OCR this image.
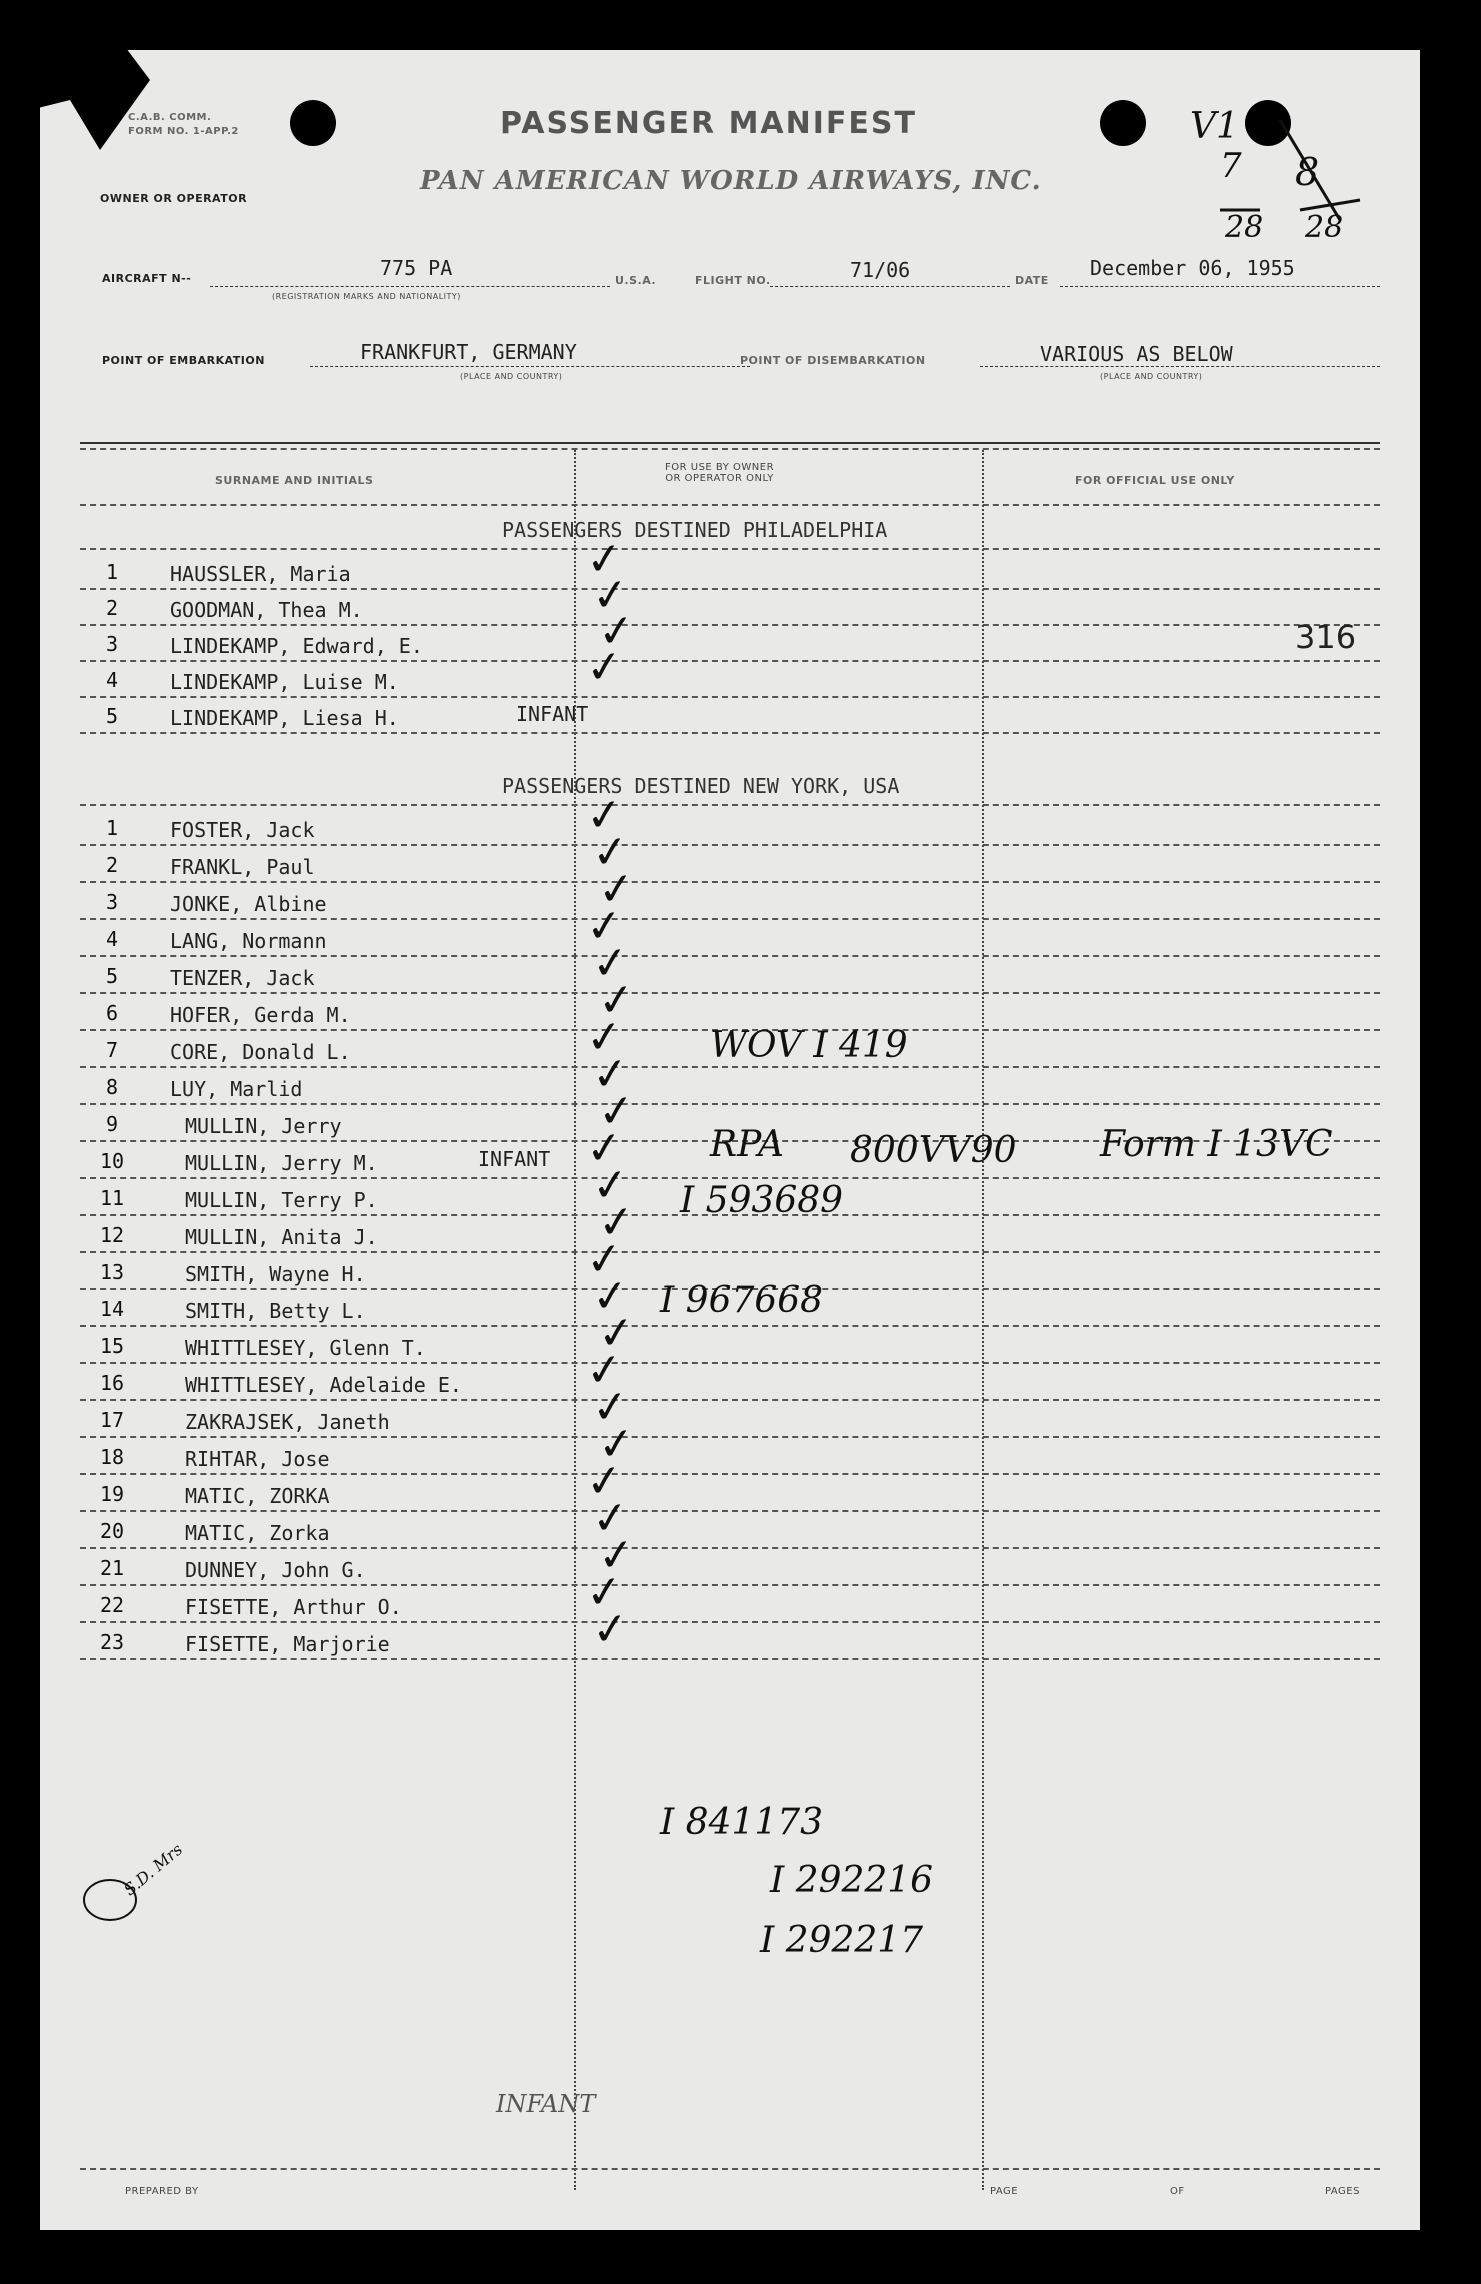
C.A.B. COMM.
FORM NO. 1-APP.2
OWNER OR OPERATOR
PASSENGER MANIFEST
PAN AMERICAN WORLD AIRWAYS, INC.
V1
7 8
28 28
AIRCRAFT N--	775 PA
(REGISTRATION MARKS AND NATIONALITY)
U.S.A.	FLIGHT NO.	71/06	DATE
December 06, 1955
POINT OF EMBARKATION	FRANKFURT, GERMANY
(PLACE AND COUNTRY)
POINT OF DISEMBARKATION	VARIOUS AS BELOW
(PLACE AND COUNTRY)
SURNAME AND INITIALS
FOR USE BY OWNER
OR OPERATOR ONLY	FOR OFFICIAL USE ONLY
PASSENGERS DESTINED PHILADELPHIA
1	HAUSSLER, Maria	✓
2	GOODMAN, Thea M.	✓
3	LINDEKAMP, Edward, E.	✓
4	LINDEKAMP, Luise M.	✓
5	LINDEKAMP, Liesa H.	INFANT
PASSENGERS DESTINED NEW YORK, USA
1	FOSTER, Jack	✓
2	FRANKL, Paul	✓
3	JONKE, Albine	✓
4	LANG, Normann	✓
5	TENZER, Jack	✓
6	HOFER, Gerda M.	✓
7	CORE, Donald L.	✓
8	LUY, Marlid	✓
9	MULLIN, Jerry	✓
10	MULLIN, Jerry M.	INFANT ✓
11	MULLIN, Terry P.	✓
12	MULLIN, Anita J.	✓
13	SMITH, Wayne H.	✓
14	SMITH, Betty L.	✓
15	WHITTLESEY, Glenn T.	✓
16	WHITTLESEY, Adelaide E.	✓
17	ZAKRAJSEK, Janeth	✓
18	RIHTAR, Jose	✓
19	MATIC, ZORKA	✓
20	MATIC, Zorka	✓
21	DUNNEY, John G.	✓
22	FISETTE, Arthur O.	✓
23	FISETTE, Marjorie	✓
316
WOV I 419
RPA 800VV90 Form I 13VC
I 593689
I 967668
I 841173
I 292216
I 292217
INFANT
S.D. Mrs
PREPARED BY	PAGE	OF	PAGES
